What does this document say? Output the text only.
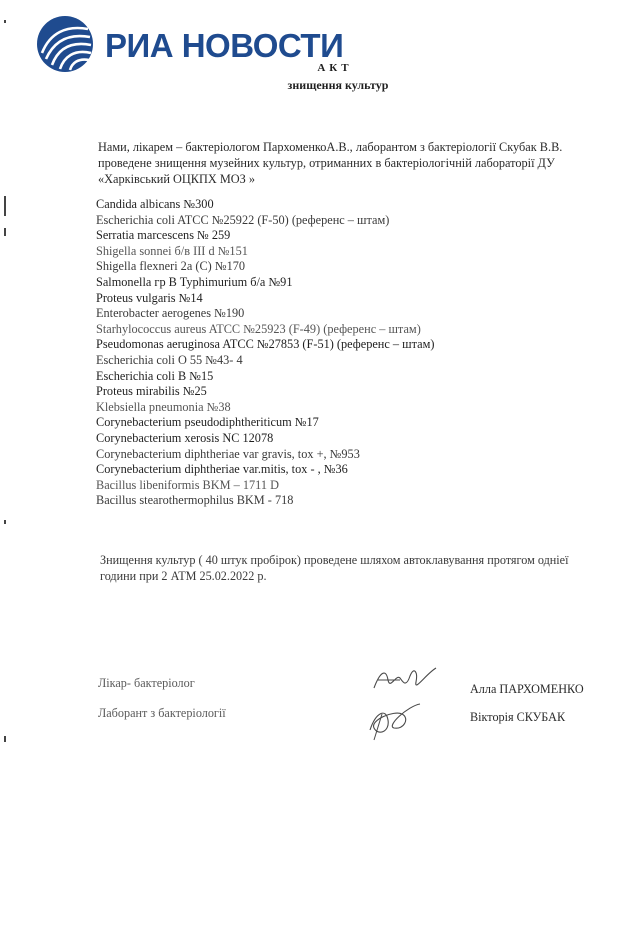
РИА НОВОСТИ
АКТ
знищення культур
Нами, лікарем – бактеріологом ПархоменкоА.В., лаборантом з бактеріології Скубак В.В. проведене знищення музейних культур, отриманних в бактеріологічній лабораторії ДУ «Харківський ОЦКПХ МОЗ »
Candida albicans №300
Escherichia coli ATCC №25922 (F-50) (референс – штам)
Serratia marcescens № 259
Shigella sonnei б/в III d №151
Shigella flexneri 2a (C) №170
Salmonella гр B Typhimurium б/а №91
Proteus vulgaris №14
Enterobacter aerogenes №190
Starhylococcus aureus ATCC №25923 (F-49) (референс – штам)
Pseudomonas aeruginosa ATCC №27853 (F-51) (референс – штам)
Escherichia coli O 55 №43- 4
Escherichia coli B №15
Proteus mirabilis №25
Klebsiella pneumonia №38
Corynebacterium pseudodiphtheriticum №17
Corynebacterium xerosis NC 12078
Corynebacterium diphtheriae var gravis, tox +, №953
Corynebacterium diphtheriae var.mitis, tox - , №36
Bacillus libeniformis BKM – 1711 D
Bacillus stearothermophilus BKM - 718
Знищення культур ( 40 штук пробірок) проведене шляхом автоклавування протягом одніеї години при 2 АТМ 25.02.2022 р.
Лікар- бактеріолог	Алла ПАРХОМЕНКО
Лаборант з бактеріології	Вікторія СКУБАК
